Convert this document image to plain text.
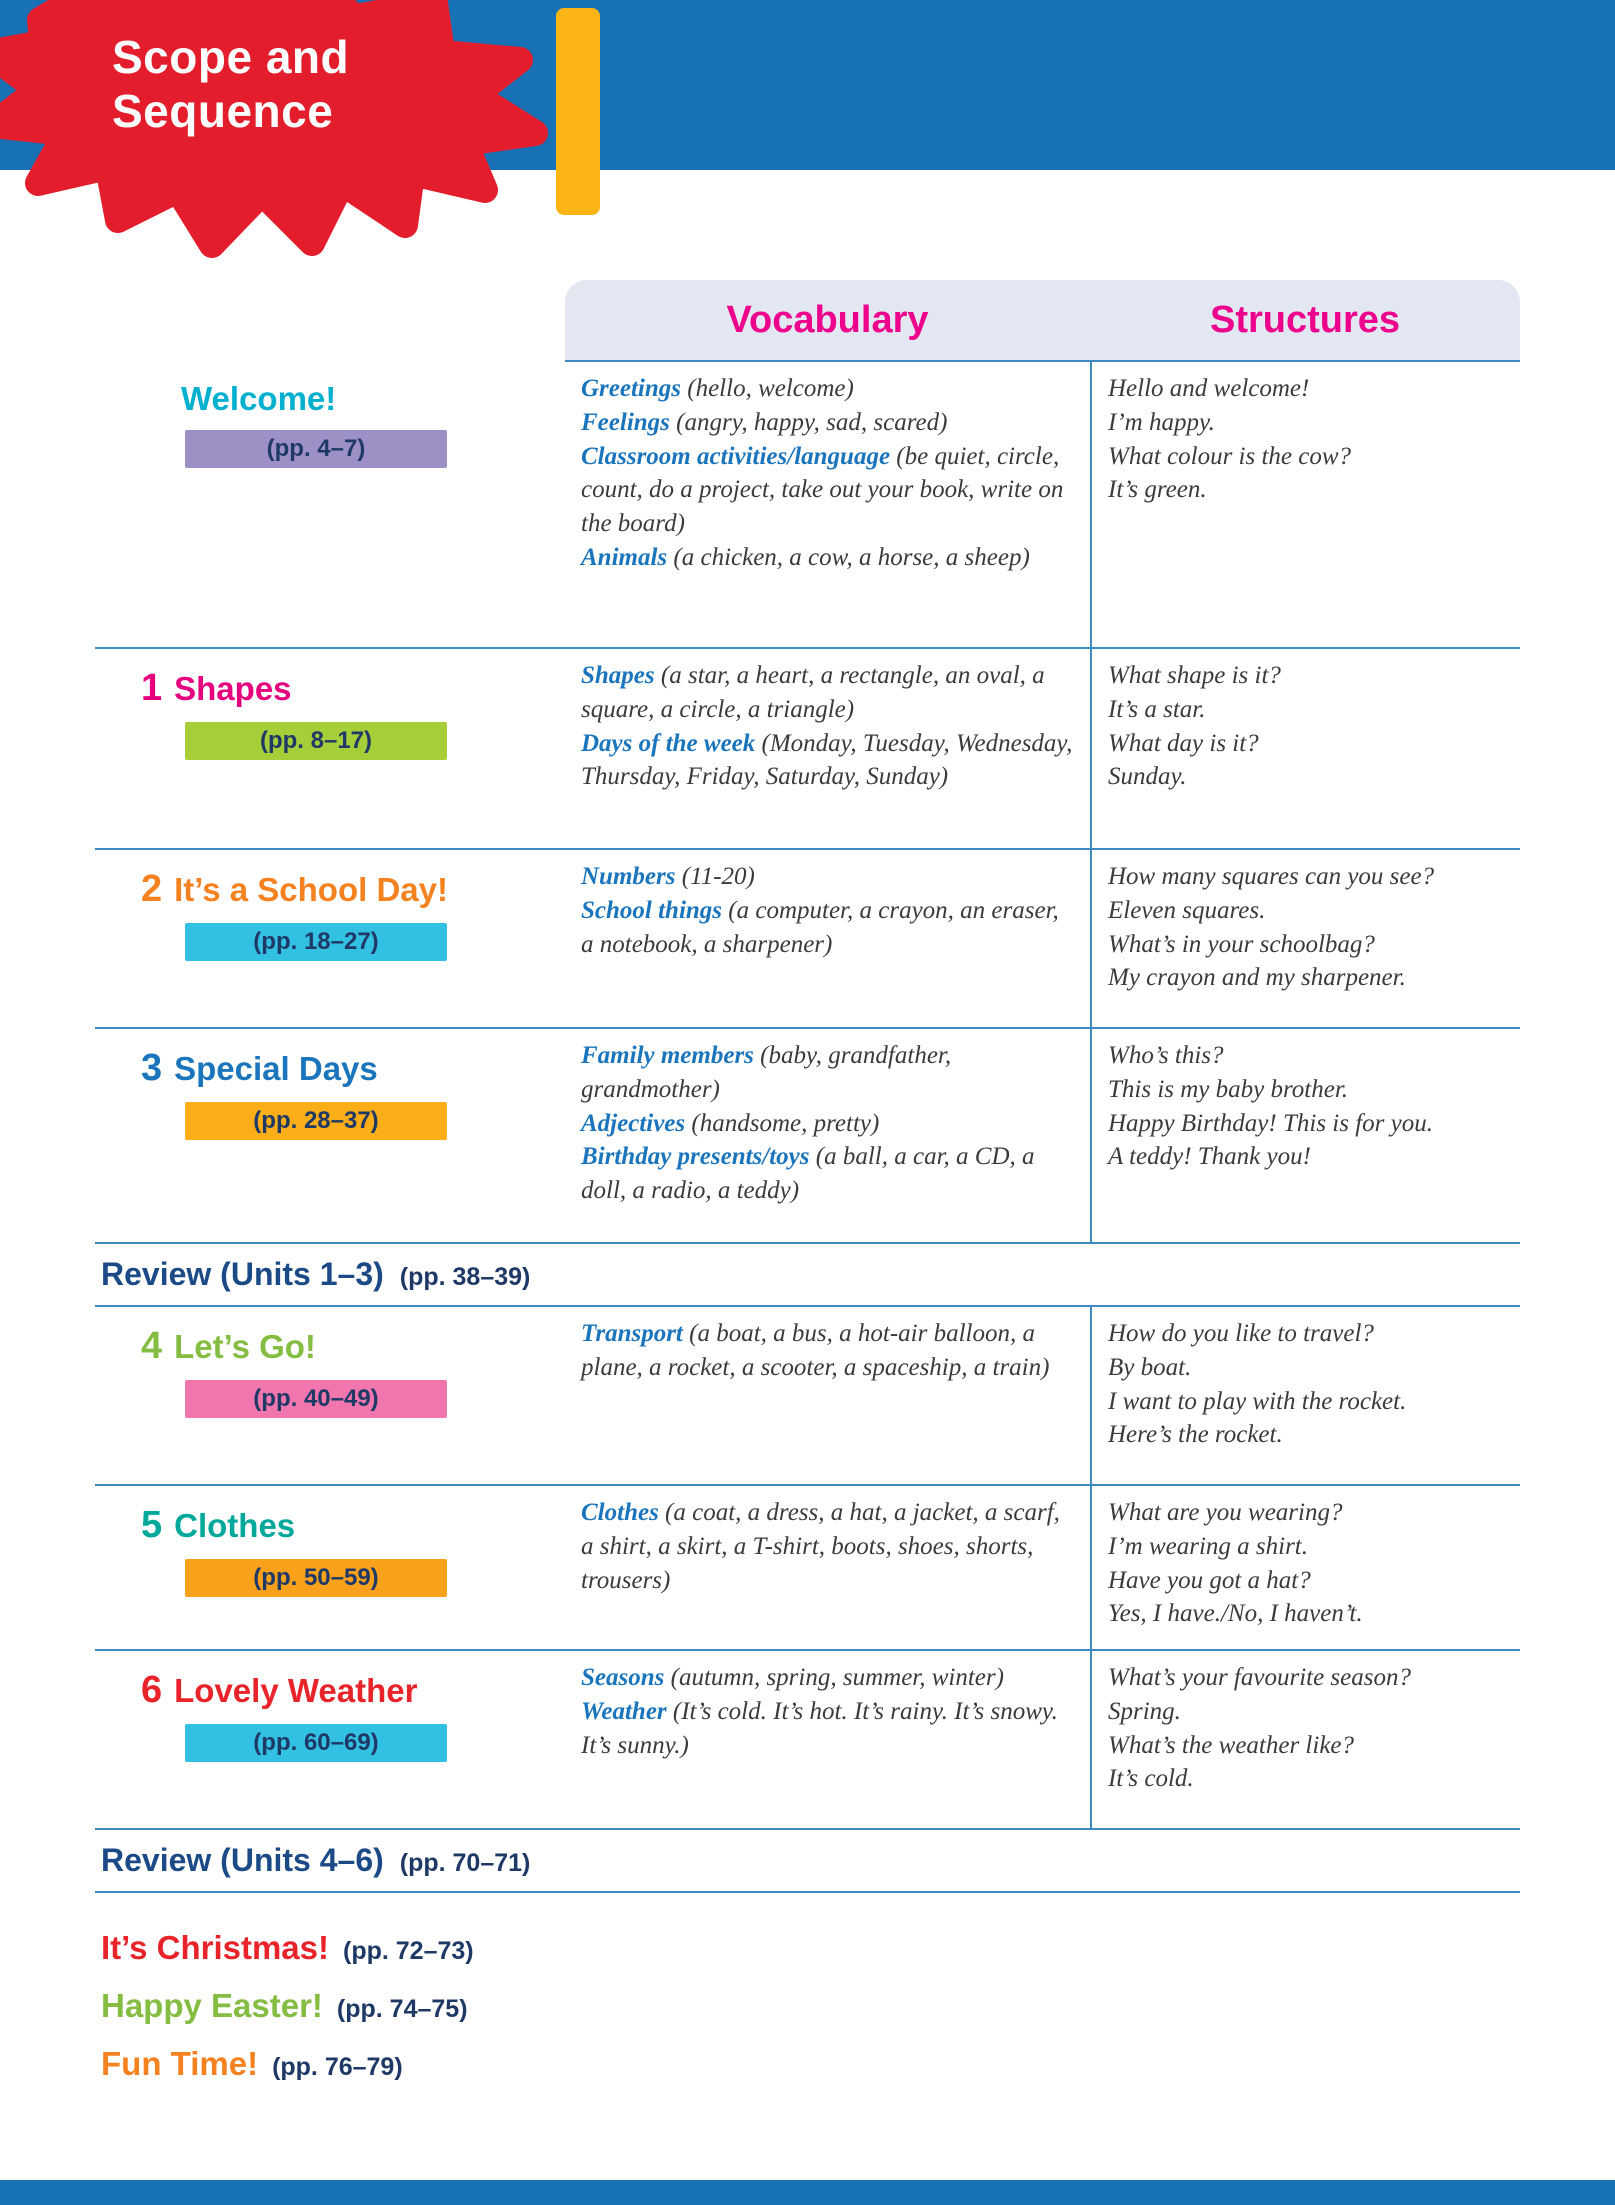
Scope and
Sequence
Vocabulary	Structures
Welcome!
(pp. 4–7)

Greetings (hello, welcome)

Feelings (angry, happy, sad, scared)

Classroom activities/language (be quiet, circle, count, do a project, take out your book, write on the board)

Animals (a chicken, a cow, a horse, a sheep)

Hello and welcome!

I’m happy.

What colour is the cow?

It’s green.

1 Shapes
(pp. 8–17)

Shapes (a star, a heart, a rectangle, an oval, a square, a circle, a triangle)

Days of the week (Monday, Tuesday, Wednesday, Thursday, Friday, Saturday, Sunday)

What shape is it?

It’s a star.

What day is it?

Sunday.

2 It’s a School Day!
(pp. 18–27)

Numbers (11-20)

School things (a computer, a crayon, an eraser, a notebook, a sharpener)

How many squares can you see?

Eleven squares.

What’s in your schoolbag?

My crayon and my sharpener.

3 Special Days
(pp. 28–37)

Family members (baby, grandfather, grandmother)

Adjectives (handsome, pretty)

Birthday presents/toys (a ball, a car, a CD, a doll, a radio, a teddy)

Who’s this?

This is my baby brother.

Happy Birthday! This is for you.

A teddy! Thank you!

Review (Units 1–3) (pp. 38–39)
4 Let’s Go!
(pp. 40–49)

Transport (a boat, a bus, a hot-air balloon, a plane, a rocket, a scooter, a spaceship, a train)

How do you like to travel?

By boat.

I want to play with the rocket.

Here’s the rocket.

5 Clothes
(pp. 50–59)

Clothes (a coat, a dress, a hat, a jacket, a scarf, a shirt, a skirt, a T-shirt, boots, shoes, shorts, trousers)

What are you wearing?

I’m wearing a shirt.

Have you got a hat?

Yes, I have./No, I haven’t.

6 Lovely Weather
(pp. 60–69)

Seasons (autumn, spring, summer, winter)

Weather (It’s cold. It’s hot. It’s rainy. It’s snowy. It’s sunny.)

What’s your favourite season?

Spring.

What’s the weather like?

It’s cold.

Review (Units 4–6) (pp. 70–71)
It’s Christmas! (pp. 72–73)
Happy Easter! (pp. 74–75)
Fun Time! (pp. 76–79)
